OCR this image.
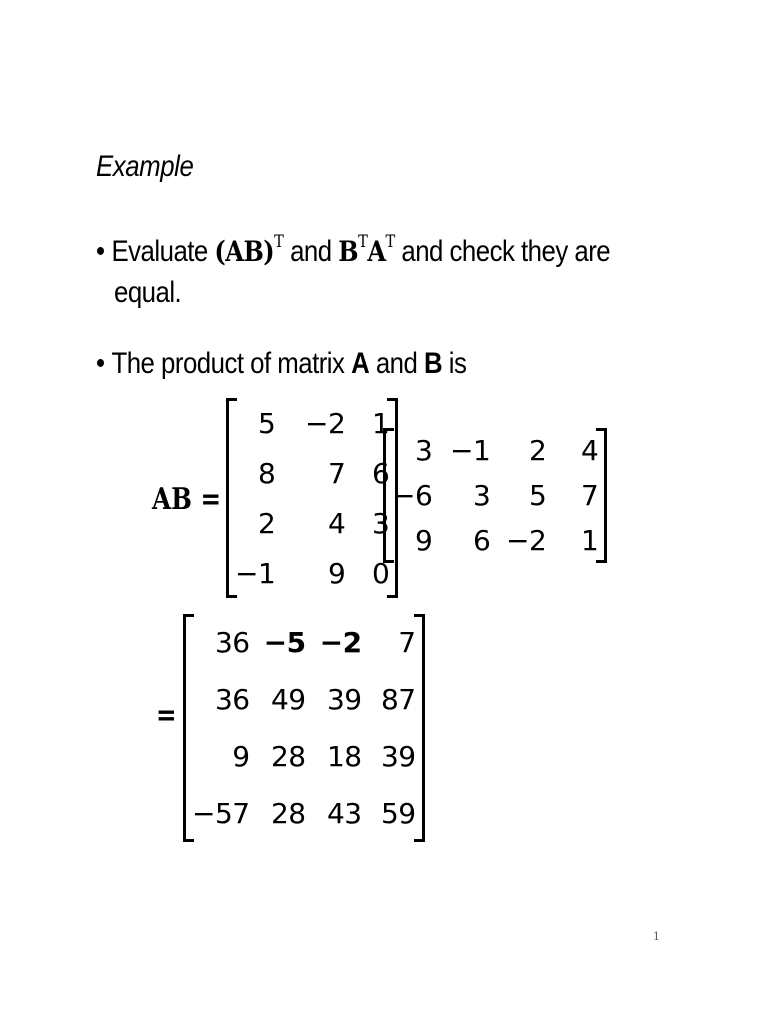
Example
• Evaluate (AB)$^T$ and $B^TA^T$ and check they are
equal.
• The product of matrix A and B is
AB =
5	−2	1
8	7	6
2	4	3
−1	9	0
3	−1	2	4
−6	3	5	7
9	6	−2	1
=
36	−5	−2	7
36	49	39	87
9	28	18	39
−57	28	43	59
1
